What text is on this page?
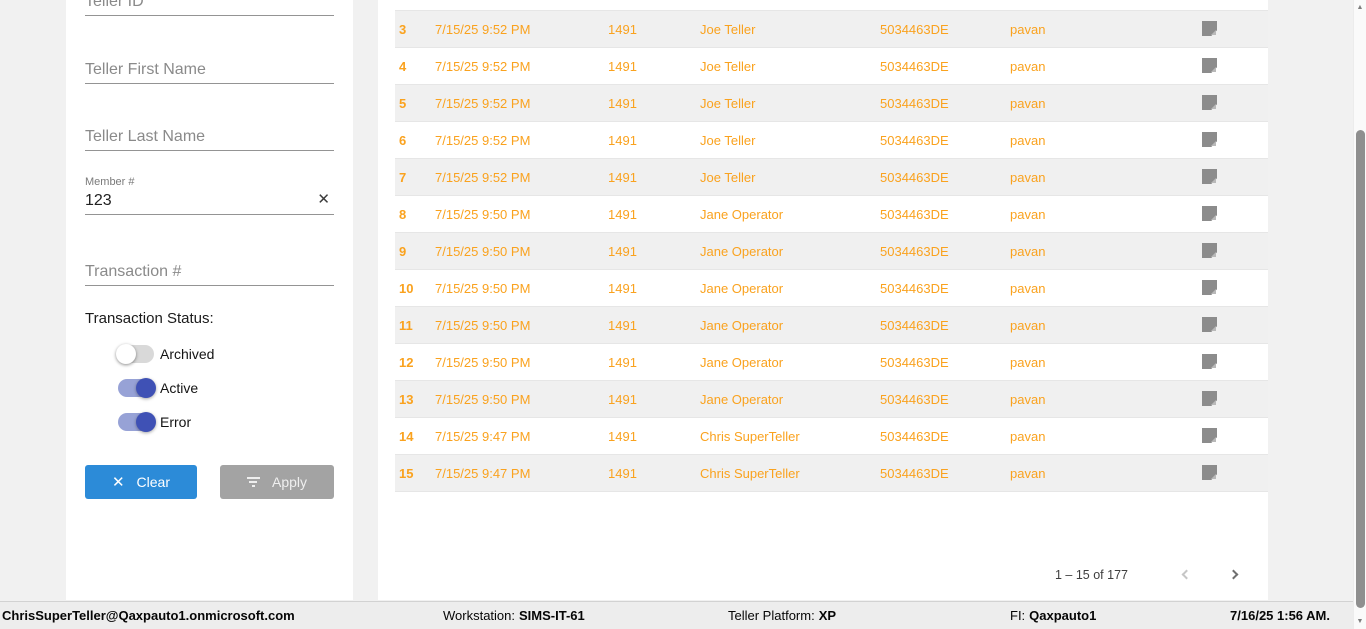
Teller ID
Teller First Name
Teller Last Name
Member #
123
✕
Transaction #
Transaction Status:
Archived
Active
Error
✕ Clear	Apply
3 7/15/25 9:52 PM	1491	Joe Teller	5034463DE	pavan
4 7/15/25 9:52 PM	1491	Joe Teller	5034463DE	pavan
5 7/15/25 9:52 PM	1491	Joe Teller	5034463DE	pavan
6 7/15/25 9:52 PM	1491	Joe Teller	5034463DE	pavan
7 7/15/25 9:52 PM	1491	Joe Teller	5034463DE	pavan
8 7/15/25 9:50 PM	1491	Jane Operator	5034463DE	pavan
9 7/15/25 9:50 PM	1491	Jane Operator	5034463DE	pavan
10 7/15/25 9:50 PM	1491	Jane Operator	5034463DE	pavan
11 7/15/25 9:50 PM	1491	Jane Operator	5034463DE	pavan
12 7/15/25 9:50 PM	1491	Jane Operator	5034463DE	pavan
13 7/15/25 9:50 PM	1491	Jane Operator	5034463DE	pavan
14 7/15/25 9:47 PM	1491	Chris SuperTeller	5034463DE	pavan
15 7/15/25 9:47 PM	1491	Chris SuperTeller	5034463DE	pavan
1 – 15 of 177
ChrisSuperTeller@Qaxpauto1.onmicrosoft.com	Workstation: SIMS-IT-61	Teller Platform: XP	FI: Qaxpauto1	7/16/25 1:56 AM.
▲
▼
